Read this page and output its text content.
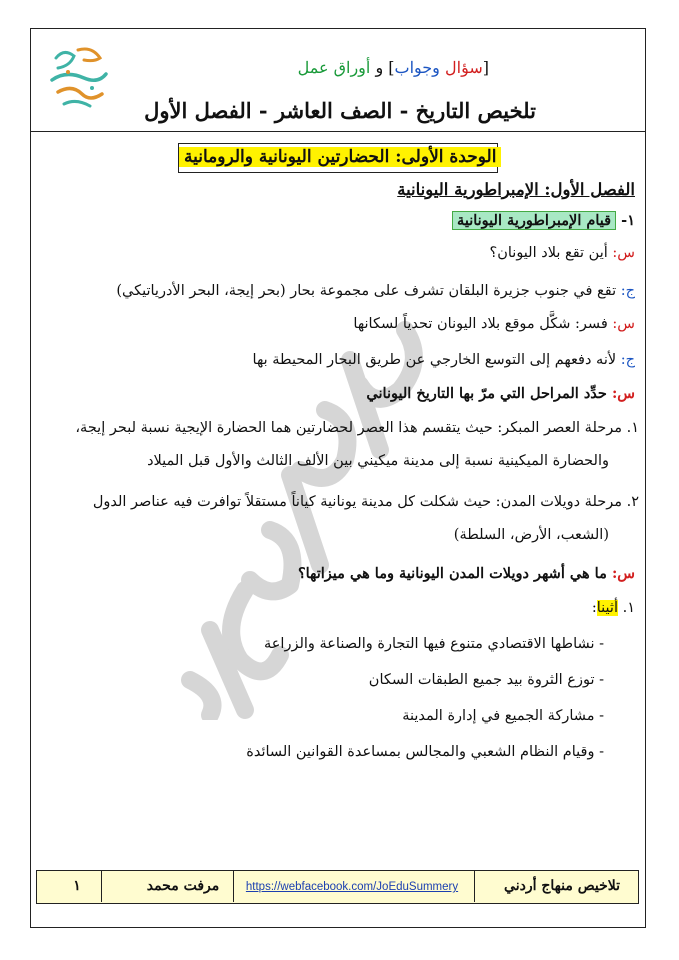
[سؤال وجواب] و أوراق عمل
تلخيص التاريخ - الصف العاشر - الفصل الأول
الوحدة الأولى: الحضارتين اليونانية والرومانية
الفصل الأول: الإمبراطورية اليونانية
١- قيام الإمبراطورية اليونانية
س: أين تقع بلاد اليونان؟
ج: تقع في جنوب جزيرة البلقان تشرف على مجموعة بحار (بحر إيجة، البحر الأدرياتيكي)
س: فسر: شكَّل موقع بلاد اليونان تحدياً لسكانها
ج: لأنه دفعهم إلى التوسع الخارجي عن طريق البحار المحيطة بها
س: حدِّد المراحل التي مرّ بها التاريخ اليوناني
١. مرحلة العصر المبكر: حيث يتقسم هذا العصر لحضارتين هما الحضارة الإيجية نسبة لبحر إيجة،
والحضارة الميكينية نسبة إلى مدينة ميكيني بين الألف الثالث والأول قبل الميلاد
٢. مرحلة دويلات المدن: حيث شكلت كل مدينة يونانية كياناً مستقلاً توافرت فيه عناصر الدول
(الشعب، الأرض، السلطة)
س: ما هي أشهر دويلات المدن اليونانية وما هي ميزاتها؟
١. أثينا:
- نشاطها الاقتصادي متنوع فيها التجارة والصناعة والزراعة
- توزع الثروة بيد جميع الطبقات السكان
- مشاركة الجميع في إدارة المدينة
- وقيام النظام الشعبي والمجالس بمساعدة القوانين السائدة
تلاخيص منهاج أردني
https://webfacebook.com/JoEduSummery
مرفت محمد
١
